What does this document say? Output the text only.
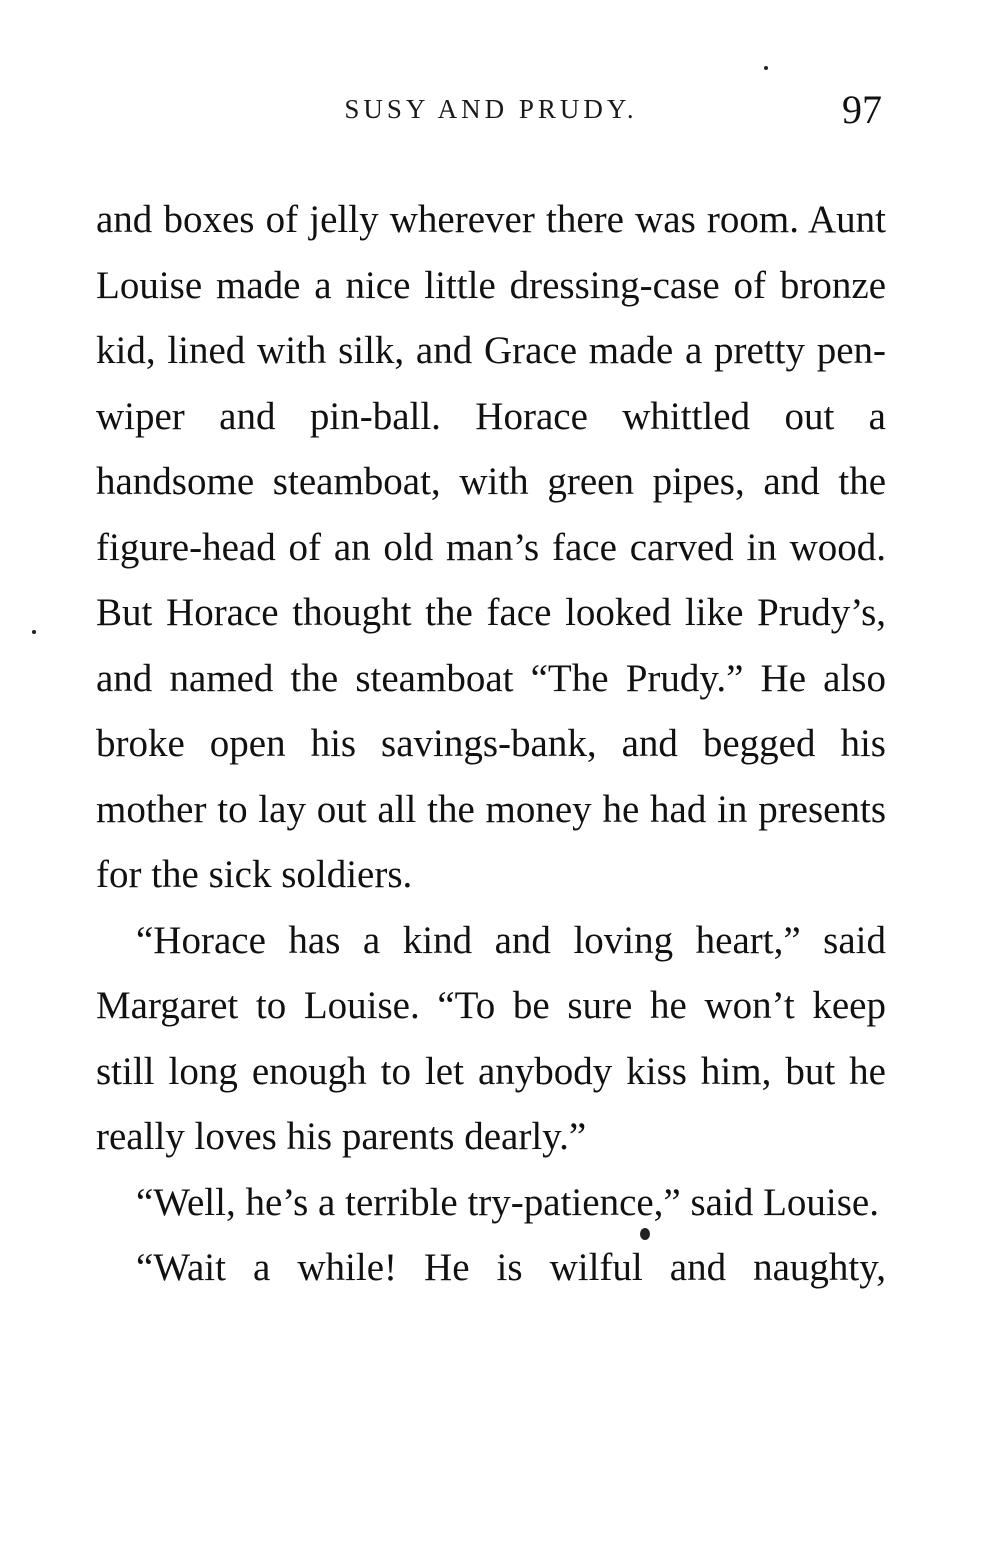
SUSY AND PRUDY.	97

and boxes of jelly wherever there was room. Aunt Louise made a nice little dressing-case of bronze kid, lined with silk, and Grace made a pretty pen-wiper and pin-ball. Horace whittled out a handsome steamboat, with green pipes, and the figure-head of an old man’s face carved in wood. But Horace thought the face looked like Prudy’s, and named the steamboat “The Prudy.” He also broke open his savings-bank, and begged his mother to lay out all the money he had in presents for the sick soldiers.

“Horace has a kind and loving heart,” said Margaret to Louise. “To be sure he won’t keep still long enough to let anybody kiss him, but he really loves his parents dearly.”

“Well, he’s a terrible try-patience,” said Louise.

“Wait a while! He is wilful and naughty,
